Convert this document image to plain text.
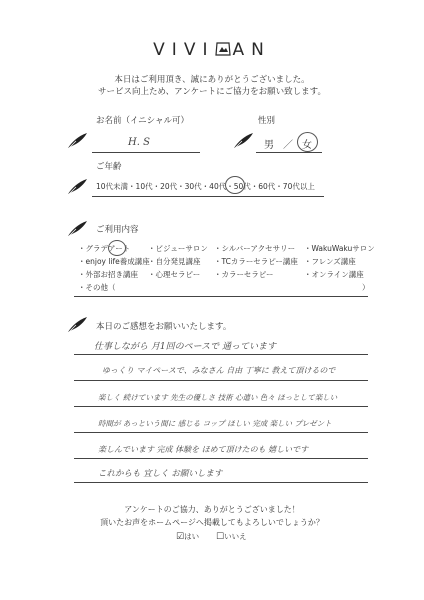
VIVI AN
本日はご利用頂き、誠にありがとうございました。
サービス向上ため、アンケートにご協力をお願い致します。
お名前（イニシャル可）
H. S
性別
男 ／ 女
ご年齢
10代未満・10代・20代・30代・40代・50代・60代・70代以上
ご利用内容
・グラデアート ・ビジューサロン ・シルバーアクセサリー ・WakuWakuサロン
・enjoy life養成講座
・自分発見講座 ・TCカラーセラピー講座 ・フレンズ講座
・外部お招き講座 ・心理セラピー ・カラーセラピー	・オンライン講座
・その他（	）
本日のご感想をお願いいたします。
仕事しながら 月1回のペースで 通っています
ゆっくり マイペースで、みなさん 自由 丁寧に 教えて頂けるので
楽しく 続けています 先生の優しさ 技術 心遣い 色々 ほっとして楽しい
時間が あっという間に 感じる コップ ほしい 完成 楽しい プレゼント
楽しんでいます 完成 体験を ほめて頂けたのも 嬉しいです
これからも 宜しく お願いします
アンケートのご協力、ありがとうございました！
頂いたお声をホームページへ掲載してもよろしいでしょうか？
☑はい ☐いいえ
